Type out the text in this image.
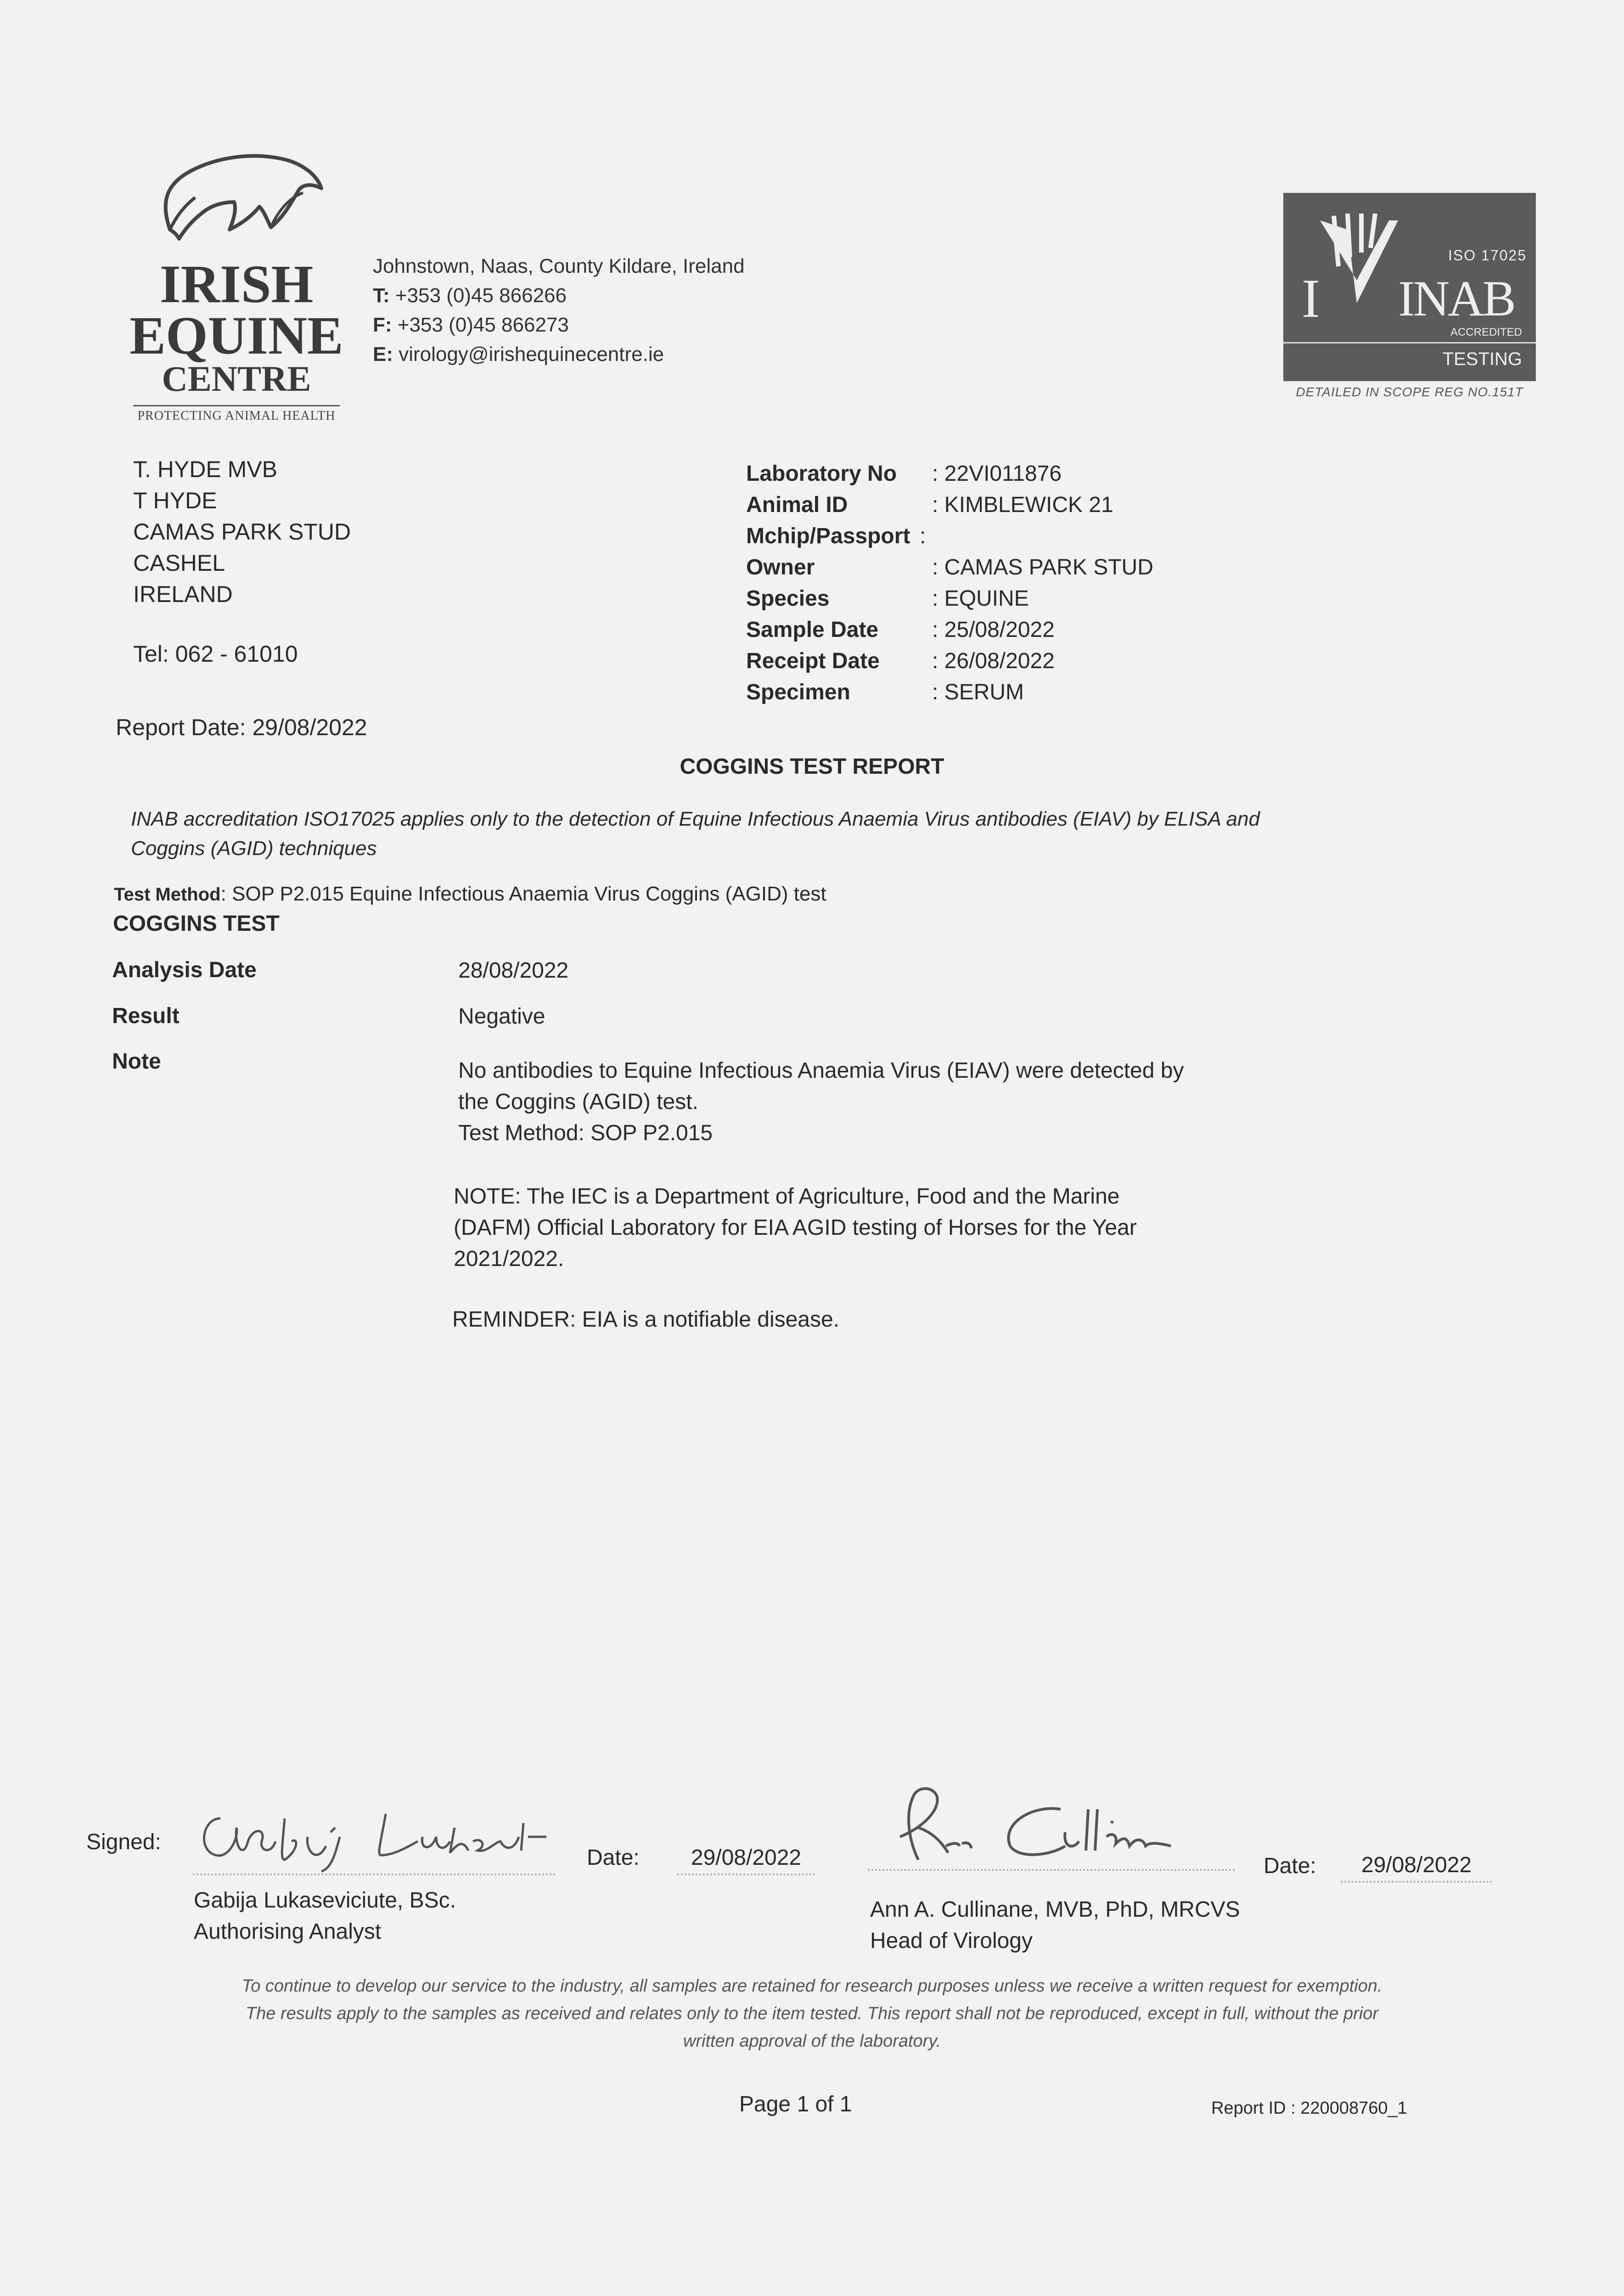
IRISH
EQUINE
CENTRE
PROTECTING ANIMAL HEALTH
Johnstown, Naas, County Kildare, Ireland
T: +353 (0)45 866266
F: +353 (0)45 866273
E: virology@irishequinecentre.ie
ISO 17025
I INAB
ACCREDITED
TESTING
DETAILED IN SCOPE REG NO.151T
T. HYDE MVB
T HYDE
CAMAS PARK STUD
CASHEL
IRELAND
Tel: 062 - 61010
Report Date: 29/08/2022
Laboratory No : 22VI011876
Animal ID	: KIMBLEWICK 21
Mchip/Passport :
Owner	: CAMAS PARK STUD
Species	: EQUINE
Sample Date : 25/08/2022
Receipt Date : 26/08/2022
Specimen	: SERUM
COGGINS TEST REPORT
INAB accreditation ISO17025 applies only to the detection of Equine Infectious Anaemia Virus antibodies (EIAV) by ELISA and
Coggins (AGID) techniques
Test Method: SOP P2.015 Equine Infectious Anaemia Virus Coggins (AGID) test
COGGINS TEST
Analysis Date	28/08/2022
Result	Negative
Note	No antibodies to Equine Infectious Anaemia Virus (EIAV) were detected by
the Coggins (AGID) test.
Test Method: SOP P2.015
NOTE: The IEC is a Department of Agriculture, Food and the Marine
(DAFM) Official Laboratory for EIA AGID testing of Horses for the Year
2021/2022.
REMINDER: EIA is a notifiable disease.
Signed:
Date:	29/08/2022	Date:	29/08/2022
Gabija Lukaseviciute, BSc.
Authorising Analyst
Ann A. Cullinane, MVB, PhD, MRCVS
Head of Virology
To continue to develop our service to the industry, all samples are retained for research purposes unless we receive a written request for exemption.
The results apply to the samples as received and relates only to the item tested. This report shall not be reproduced, except in full, without the prior
written approval of the laboratory.
Page 1 of 1	Report ID : 220008760_1
